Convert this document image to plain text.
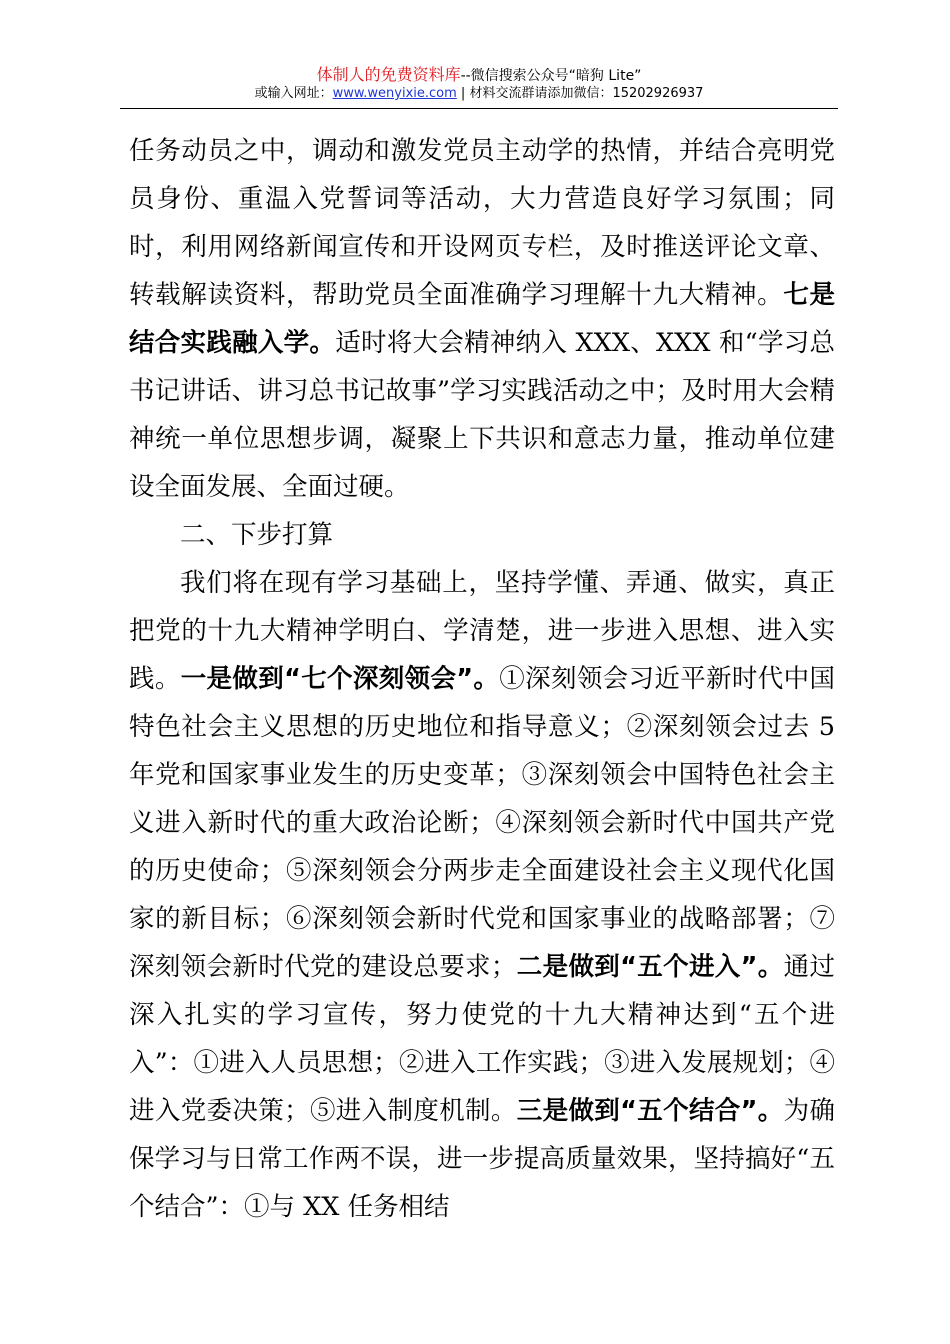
体制人的免费资料库--微信搜索公众号“暗狗 Lite”
或输入网址：www.wenyixie.com | 材料交流群请添加微信：15202926937

任务动员之中，调动和激发党员主动学的热情，并结合亮明党员身份、重温入党誓词等活动，大力营造良好学习氛围；同时，利用网络新闻宣传和开设网页专栏，及时推送评论文章、转载解读资料，帮助党员全面准确学习理解十九大精神。七是结合实践融入学。适时将大会精神纳入 XXX、XXX 和“学习总书记讲话、讲习总书记故事”学习实践活动之中；及时用大会精神统一单位思想步调，凝聚上下共识和意志力量，推动单位建设全面发展、全面过硬。

二、下步打算

我们将在现有学习基础上，坚持学懂、弄通、做实，真正把党的十九大精神学明白、学清楚，进一步进入思想、进入实践。一是做到“七个深刻领会”。①深刻领会习近平新时代中国特色社会主义思想的历史地位和指导意义；②深刻领会过去 5 年党和国家事业发生的历史变革；③深刻领会中国特色社会主义进入新时代的重大政治论断；④深刻领会新时代中国共产党的历史使命；⑤深刻领会分两步走全面建设社会主义现代化国家的新目标；⑥深刻领会新时代党和国家事业的战略部署；⑦深刻领会新时代党的建设总要求；二是做到“五个进入”。通过深入扎实的学习宣传，努力使党的十九大精神达到“五个进入”：①进入人员思想；②进入工作实践；③进入发展规划；④进入党委决策；⑤进入制度机制。三是做到“五个结合”。为确保学习与日常工作两不误，进一步提高质量效果，坚持搞好“五个结合”：①与 XX 任务相结
